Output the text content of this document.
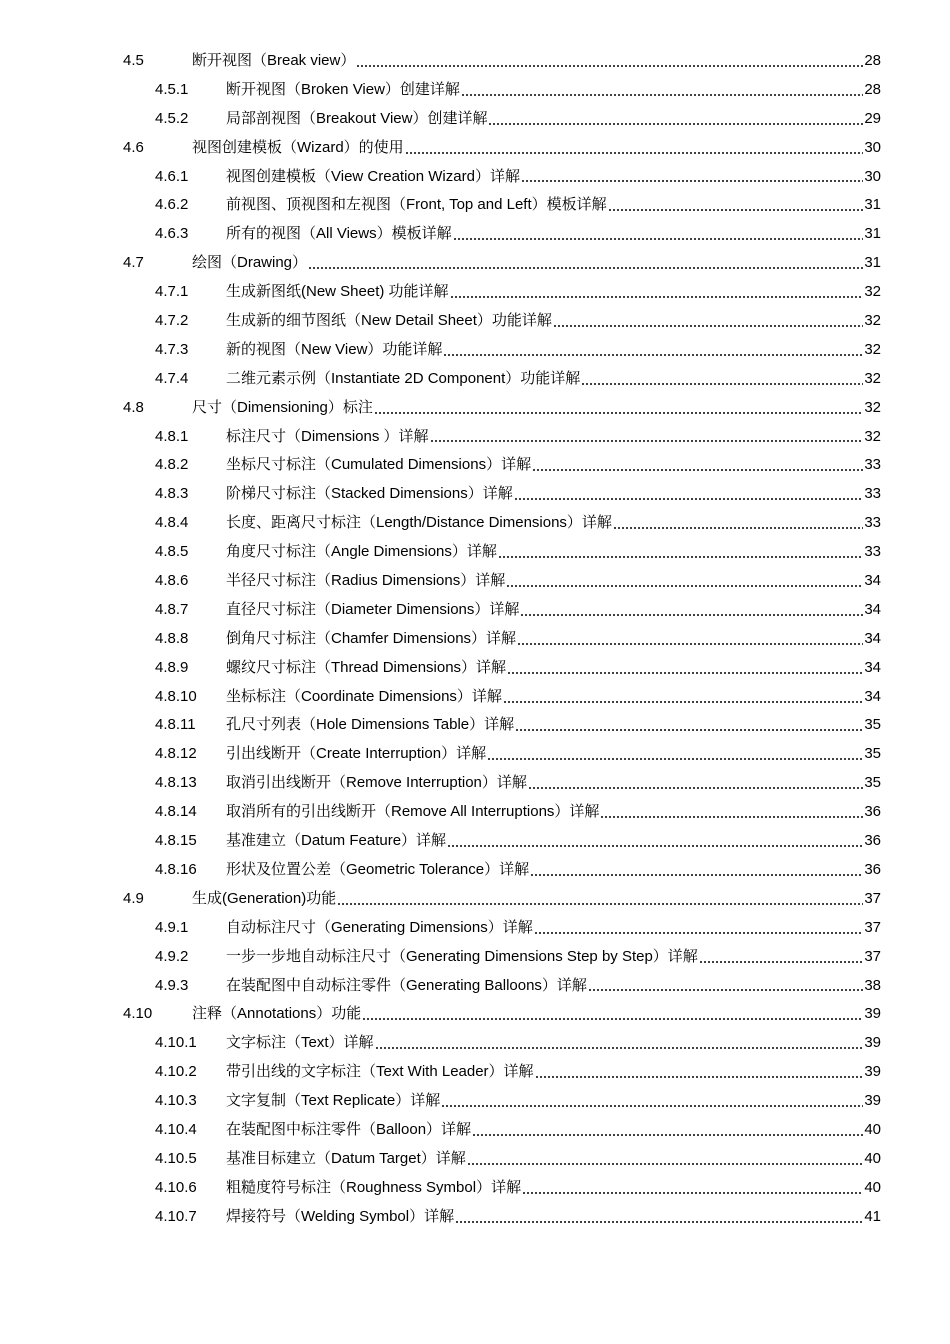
4.5	断开视图（Break view）	28
4.5.1	断开视图（Broken View）创建详解	28
4.5.2	局部剖视图（Breakout View）创建详解	29
4.6	视图创建模板（Wizard）的使用	30
4.6.1	视图创建模板（View Creation Wizard）详解	30
4.6.2	前视图、顶视图和左视图（Front, Top and Left）模板详解	31
4.6.3	所有的视图（All Views）模板详解	31
4.7	绘图（Drawing）	31
4.7.1	生成新图纸(New Sheet) 功能详解	32
4.7.2	生成新的细节图纸（New Detail Sheet）功能详解	32
4.7.3	新的视图（New View）功能详解	32
4.7.4	二维元素示例（Instantiate 2D Component）功能详解	32
4.8	尺寸（Dimensioning）标注	32
4.8.1	标注尺寸（Dimensions ）详解	32
4.8.2	坐标尺寸标注（Cumulated Dimensions）详解	33
4.8.3	阶梯尺寸标注（Stacked Dimensions）详解	33
4.8.4	长度、距离尺寸标注（Length/Distance Dimensions）详解	33
4.8.5	角度尺寸标注（Angle Dimensions）详解	33
4.8.6	半径尺寸标注（Radius Dimensions）详解	34
4.8.7	直径尺寸标注（Diameter Dimensions）详解	34
4.8.8	倒角尺寸标注（Chamfer Dimensions）详解	34
4.8.9	螺纹尺寸标注（Thread Dimensions）详解	34
4.8.10 坐标标注（Coordinate Dimensions）详解	34
4.8.11 孔尺寸列表（Hole Dimensions Table）详解	35
4.8.12 引出线断开（Create Interruption）详解	35
4.8.13 取消引出线断开（Remove Interruption）详解	35
4.8.14 取消所有的引出线断开（Remove All Interruptions）详解	36
4.8.15 基准建立（Datum Feature）详解	36
4.8.16 形状及位置公差（Geometric Tolerance）详解	36
4.9	生成(Generation)功能	37
4.9.1	自动标注尺寸（Generating Dimensions）详解	37
4.9.2	一步一步地自动标注尺寸（Generating Dimensions Step by Step）详解	37
4.9.3	在装配图中自动标注零件（Generating Balloons）详解	38
4.10	注释（Annotations）功能	39
4.10.1 文字标注（Text）详解	39
4.10.2 带引出线的文字标注（Text With Leader）详解	39
4.10.3 文字复制（Text Replicate）详解	39
4.10.4 在装配图中标注零件（Balloon）详解	40
4.10.5 基准目标建立（Datum Target）详解	40
4.10.6 粗糙度符号标注（Roughness Symbol）详解	40
4.10.7 焊接符号（Welding Symbol）详解	41
